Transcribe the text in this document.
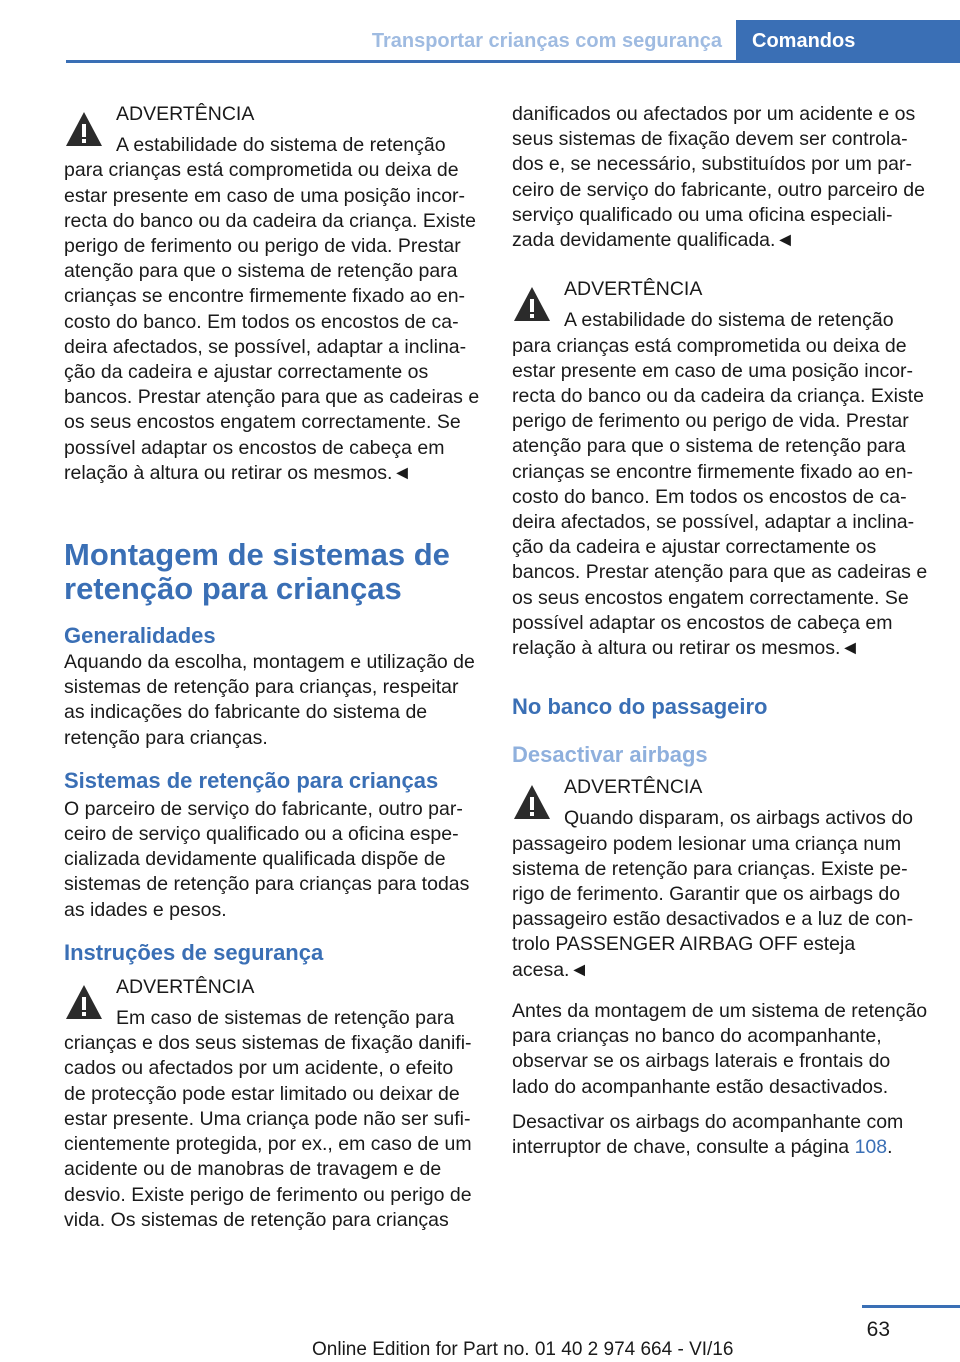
Transportar crianças com segurança	Comandos
ADVERTÊNCIA
A estabilidade do sistema de retenção para crianças está comprometida ou deixa de estar presente em caso de uma posição incorrecta do banco ou da cadeira da criança. Existe perigo de ferimento ou perigo de vida. Prestar atenção para que o sistema de retenção para crianças se encontre firmemente fixado ao encosto do banco. Em todos os encostos de cadeira afectados, se possível, adaptar a inclinação da cadeira e ajustar correctamente os bancos. Prestar atenção para que as cadeiras e os seus encostos engatem correctamente. Se possível adaptar os encostos de cabeça em relação à altura ou retirar os mesmos.◄
Montagem de sistemas de retenção para crianças
Generalidades

Aquando da escolha, montagem e utilização de sistemas de retenção para crianças, respeitar as indicações do fabricante do sistema de retenção para crianças.

Sistemas de retenção para crianças

O parceiro de serviço do fabricante, outro parceiro de serviço qualificado ou a oficina especializada devidamente qualificada dispõe de sistemas de retenção para crianças para todas as idades e pesos.

Instruções de segurança
ADVERTÊNCIA
Em caso de sistemas de retenção para crianças e dos seus sistemas de fixação danificados ou afectados por um acidente, o efeito de protecção pode estar limitado ou deixar de estar presente. Uma criança pode não ser suficientemente protegida, por ex., em caso de um acidente ou de manobras de travagem e de desvio. Existe perigo de ferimento ou perigo de vida. Os sistemas de retenção para crianças

danificados ou afectados por um acidente e os seus sistemas de fixação devem ser controlados e, se necessário, substituídos por um parceiro de serviço do fabricante, outro parceiro de serviço qualificado ou uma oficina especializada devidamente qualificada.◄

ADVERTÊNCIA
A estabilidade do sistema de retenção para crianças está comprometida ou deixa de estar presente em caso de uma posição incorrecta do banco ou da cadeira da criança. Existe perigo de ferimento ou perigo de vida. Prestar atenção para que o sistema de retenção para crianças se encontre firmemente fixado ao encosto do banco. Em todos os encostos de cadeira afectados, se possível, adaptar a inclinação da cadeira e ajustar correctamente os bancos. Prestar atenção para que as cadeiras e os seus encostos engatem correctamente. Se possível adaptar os encostos de cabeça em relação à altura ou retirar os mesmos.◄
No banco do passageiro
Desactivar airbags
ADVERTÊNCIA
Quando disparam, os airbags activos do passageiro podem lesionar uma criança num sistema de retenção para crianças. Existe perigo de ferimento. Garantir que os airbags do passageiro estão desactivados e a luz de controlo PASSENGER AIRBAG OFF esteja acesa.◄

Antes da montagem de um sistema de retenção para crianças no banco do acompanhante, observar se os airbags laterais e frontais do lado do acompanhante estão desactivados.

Desactivar os airbags do acompanhante com interruptor de chave, consulte a página 108.

63
Online Edition for Part no. 01 40 2 974 664 - VI/16
